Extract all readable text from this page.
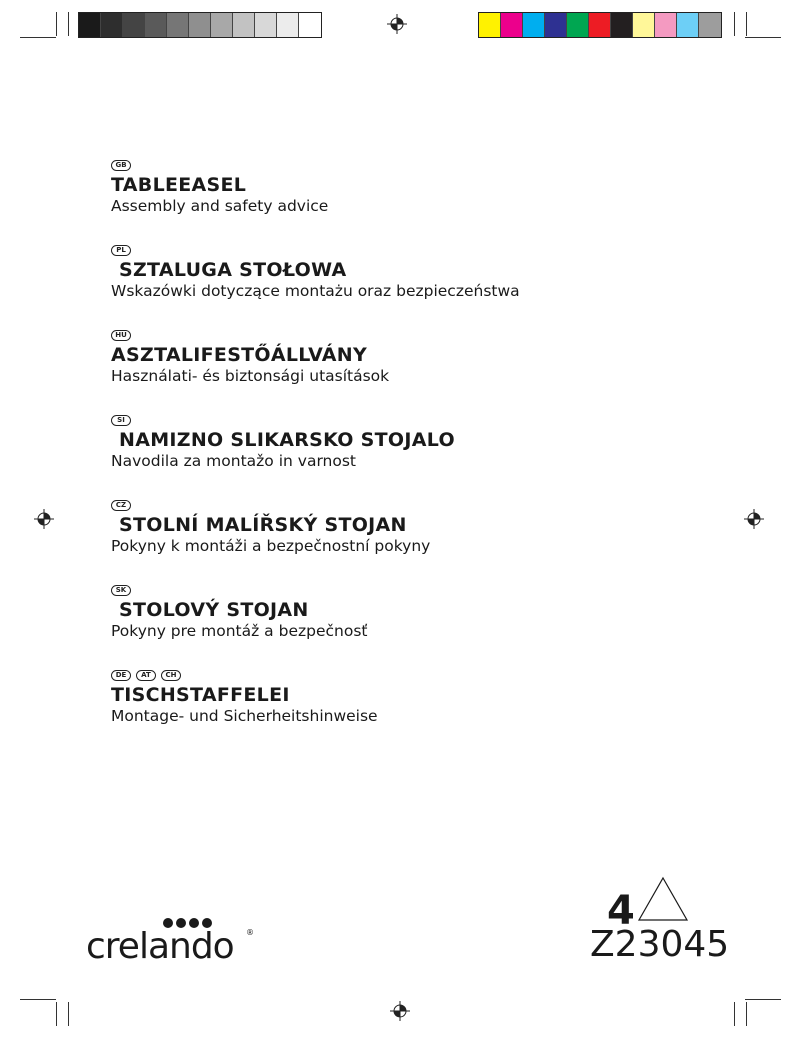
GB
TABLEEASEL
Assembly and safety advice
PL
SZTALUGA STOŁOWA
Wskazówki dotyczące montażu oraz bezpieczeństwa
HU
ASZTALIFESTŐÁLLVÁNY
Használati- és biztonsági utasítások
SI
NAMIZNO SLIKARSKO STOJALO
Navodila za montažo in varnost
CZ
STOLNÍ MALÍŘSKÝ STOJAN
Pokyny k montáži a bezpečnostní pokyny
SK
STOLOVÝ STOJAN
Pokyny pre montáž a bezpečnosť
DE	AT	CH
TISCHSTAFFELEI
Montage- und Sicherheitshinweise
crelando ®	4
Z23045
